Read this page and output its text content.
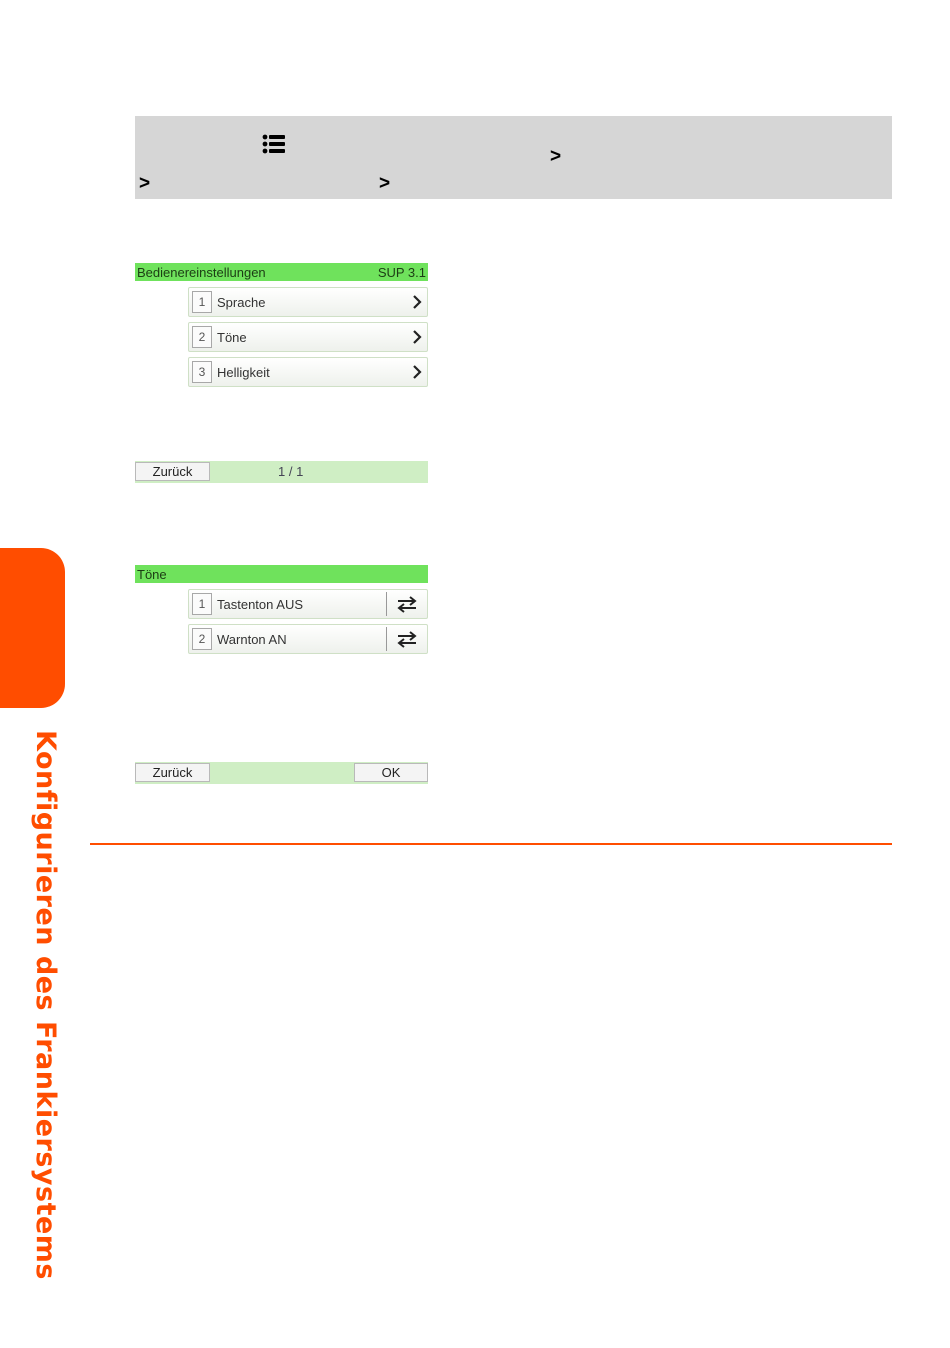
Konfigurieren des Frankiersystems
>
>	>
Bedienereinstellungen	SUP 3.1
1 Sprache
2 Töne
3 Helligkeit
Zurück	1 / 1
Töne
1 Tastenton AUS
2 Warnton AN
Zurück	OK
